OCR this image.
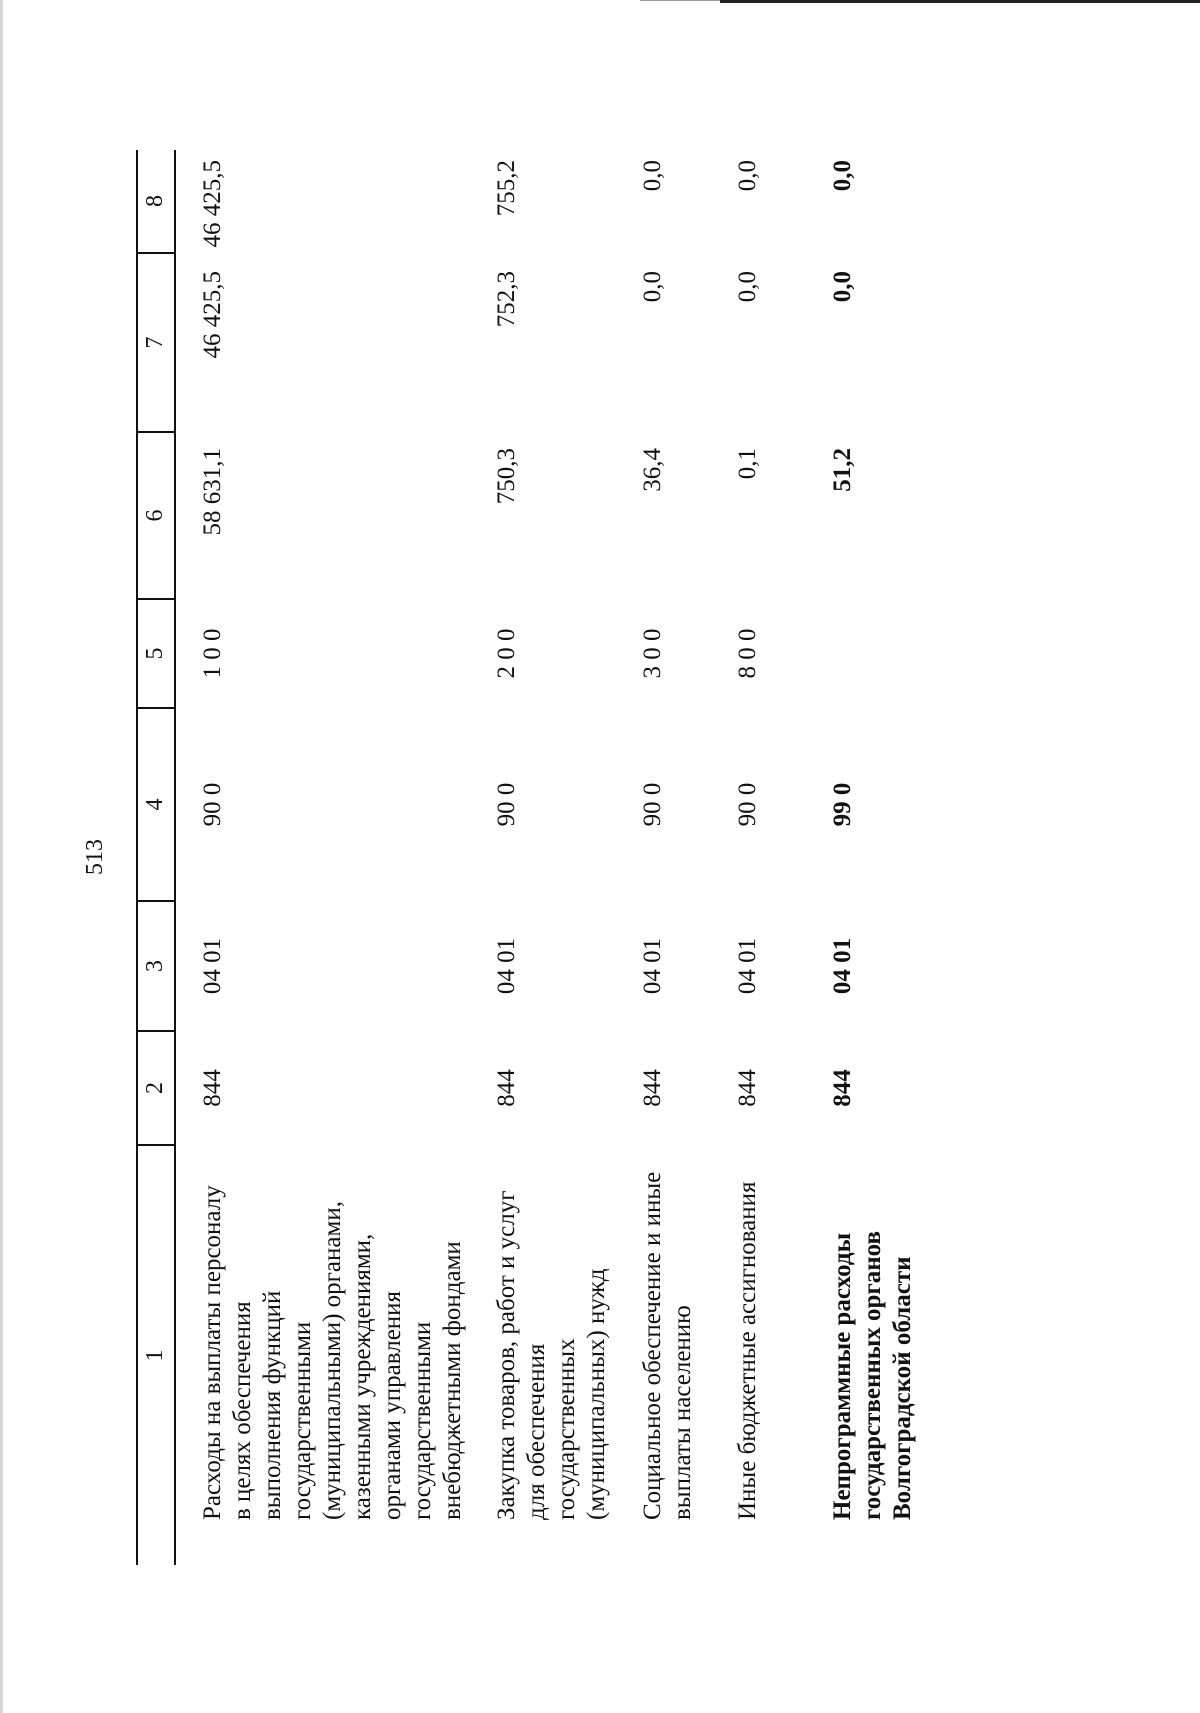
513
1
2
3
4
5
6
7
8
Расходы на выплаты персоналу в целях обеспечения выполнения функций государственными (муниципальными) органами, казенными учреждениями, органами управления государственными внебюджетными фондами
844
04 01
90 0
1 0 0
58 631,1
46 425,5
46 425,5
Закупка товаров, работ и услуг для обеспечения государственных (муниципальных) нужд
844
04 01
90 0
2 0 0
750,3
752,3
755,2
Социальное обеспечение и иные выплаты населению
844
04 01
90 0
3 0 0
36,4
0,0
0,0
Иные бюджетные ассигнования
844
04 01
90 0
8 0 0
0,1
0,0
0,0
Непрограммные расходы государственных органов Волгоградской области
844
04 01
99 0
51,2
0,0
0,0
